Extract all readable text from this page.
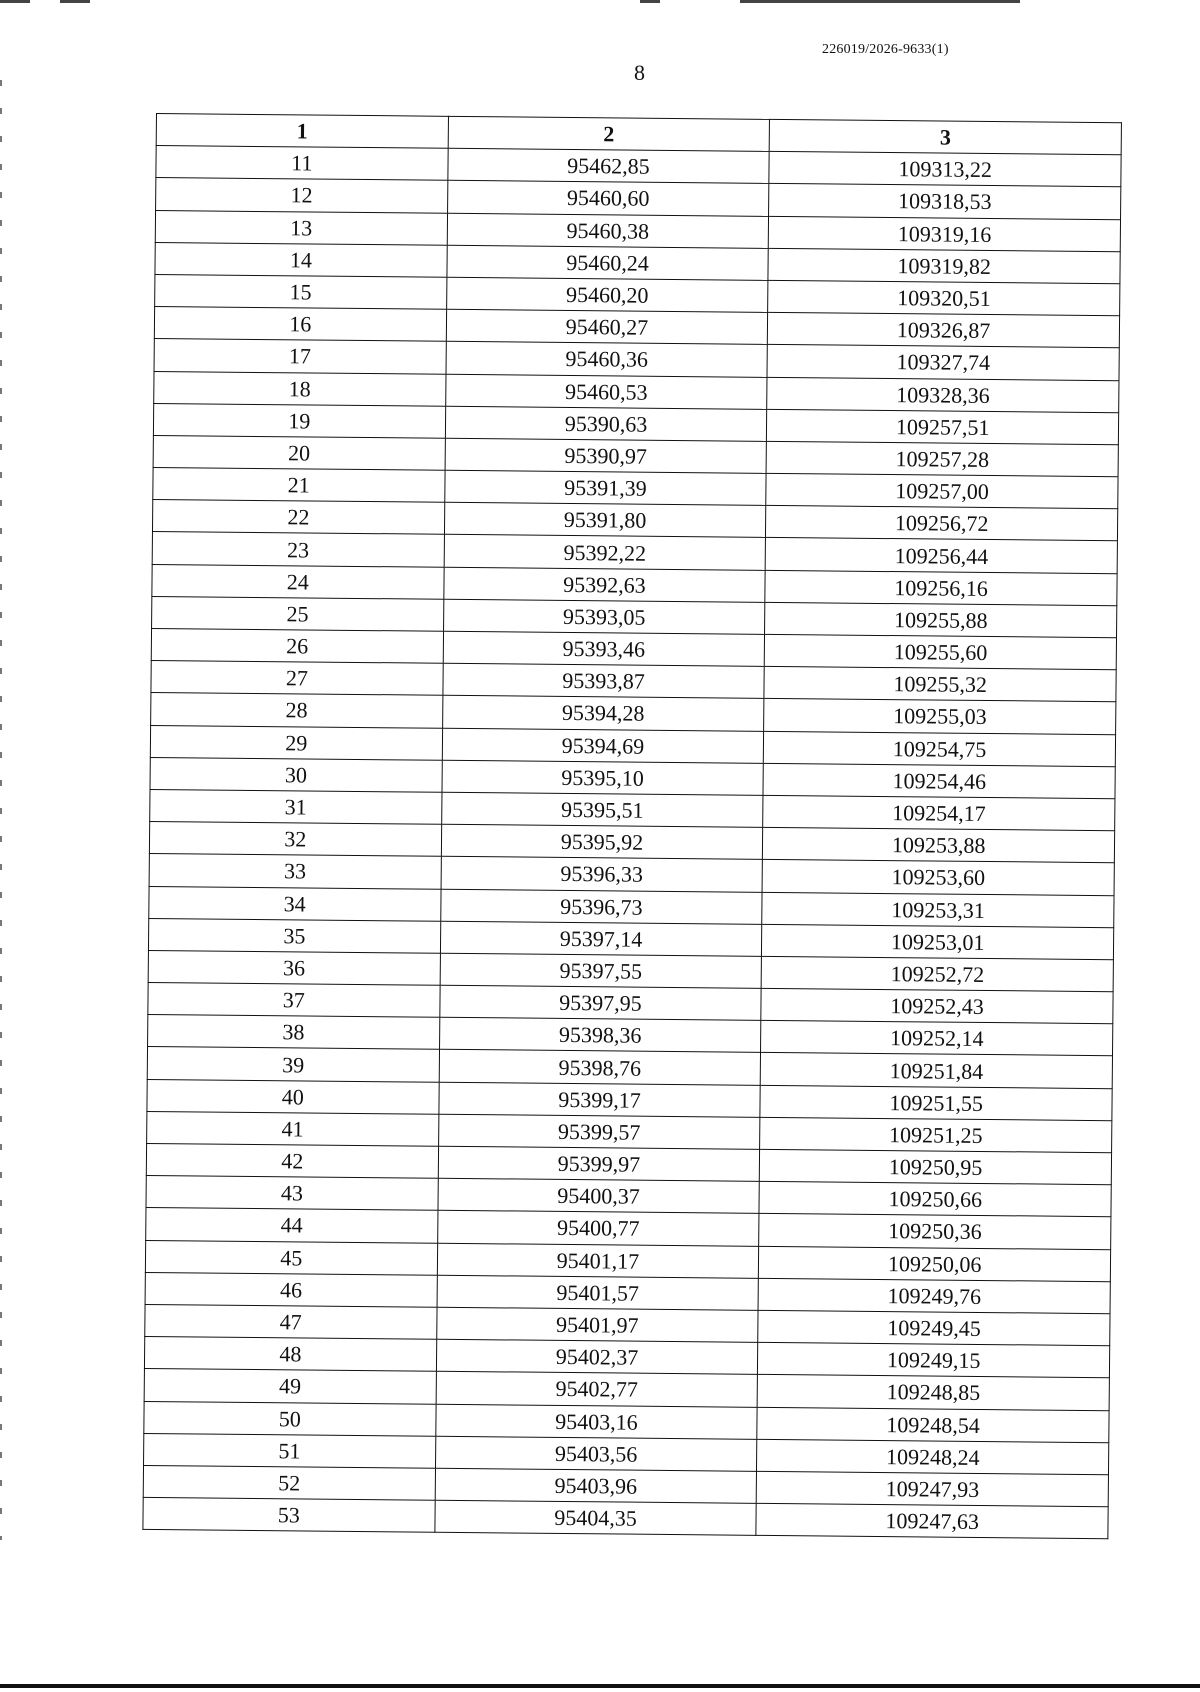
226019/2026-9633(1)
8
1	2	3
11	95462,85	109313,22
12	95460,60	109318,53
13	95460,38	109319,16
14	95460,24	109319,82
15	95460,20	109320,51
16	95460,27	109326,87
17	95460,36	109327,74
18	95460,53	109328,36
19	95390,63	109257,51
20	95390,97	109257,28
21	95391,39	109257,00
22	95391,80	109256,72
23	95392,22	109256,44
24	95392,63	109256,16
25	95393,05	109255,88
26	95393,46	109255,60
27	95393,87	109255,32
28	95394,28	109255,03
29	95394,69	109254,75
30	95395,10	109254,46
31	95395,51	109254,17
32	95395,92	109253,88
33	95396,33	109253,60
34	95396,73	109253,31
35	95397,14	109253,01
36	95397,55	109252,72
37	95397,95	109252,43
38	95398,36	109252,14
39	95398,76	109251,84
40	95399,17	109251,55
41	95399,57	109251,25
42	95399,97	109250,95
43	95400,37	109250,66
44	95400,77	109250,36
45	95401,17	109250,06
46	95401,57	109249,76
47	95401,97	109249,45
48	95402,37	109249,15
49	95402,77	109248,85
50	95403,16	109248,54
51	95403,56	109248,24
52	95403,96	109247,93
53	95404,35	109247,63
